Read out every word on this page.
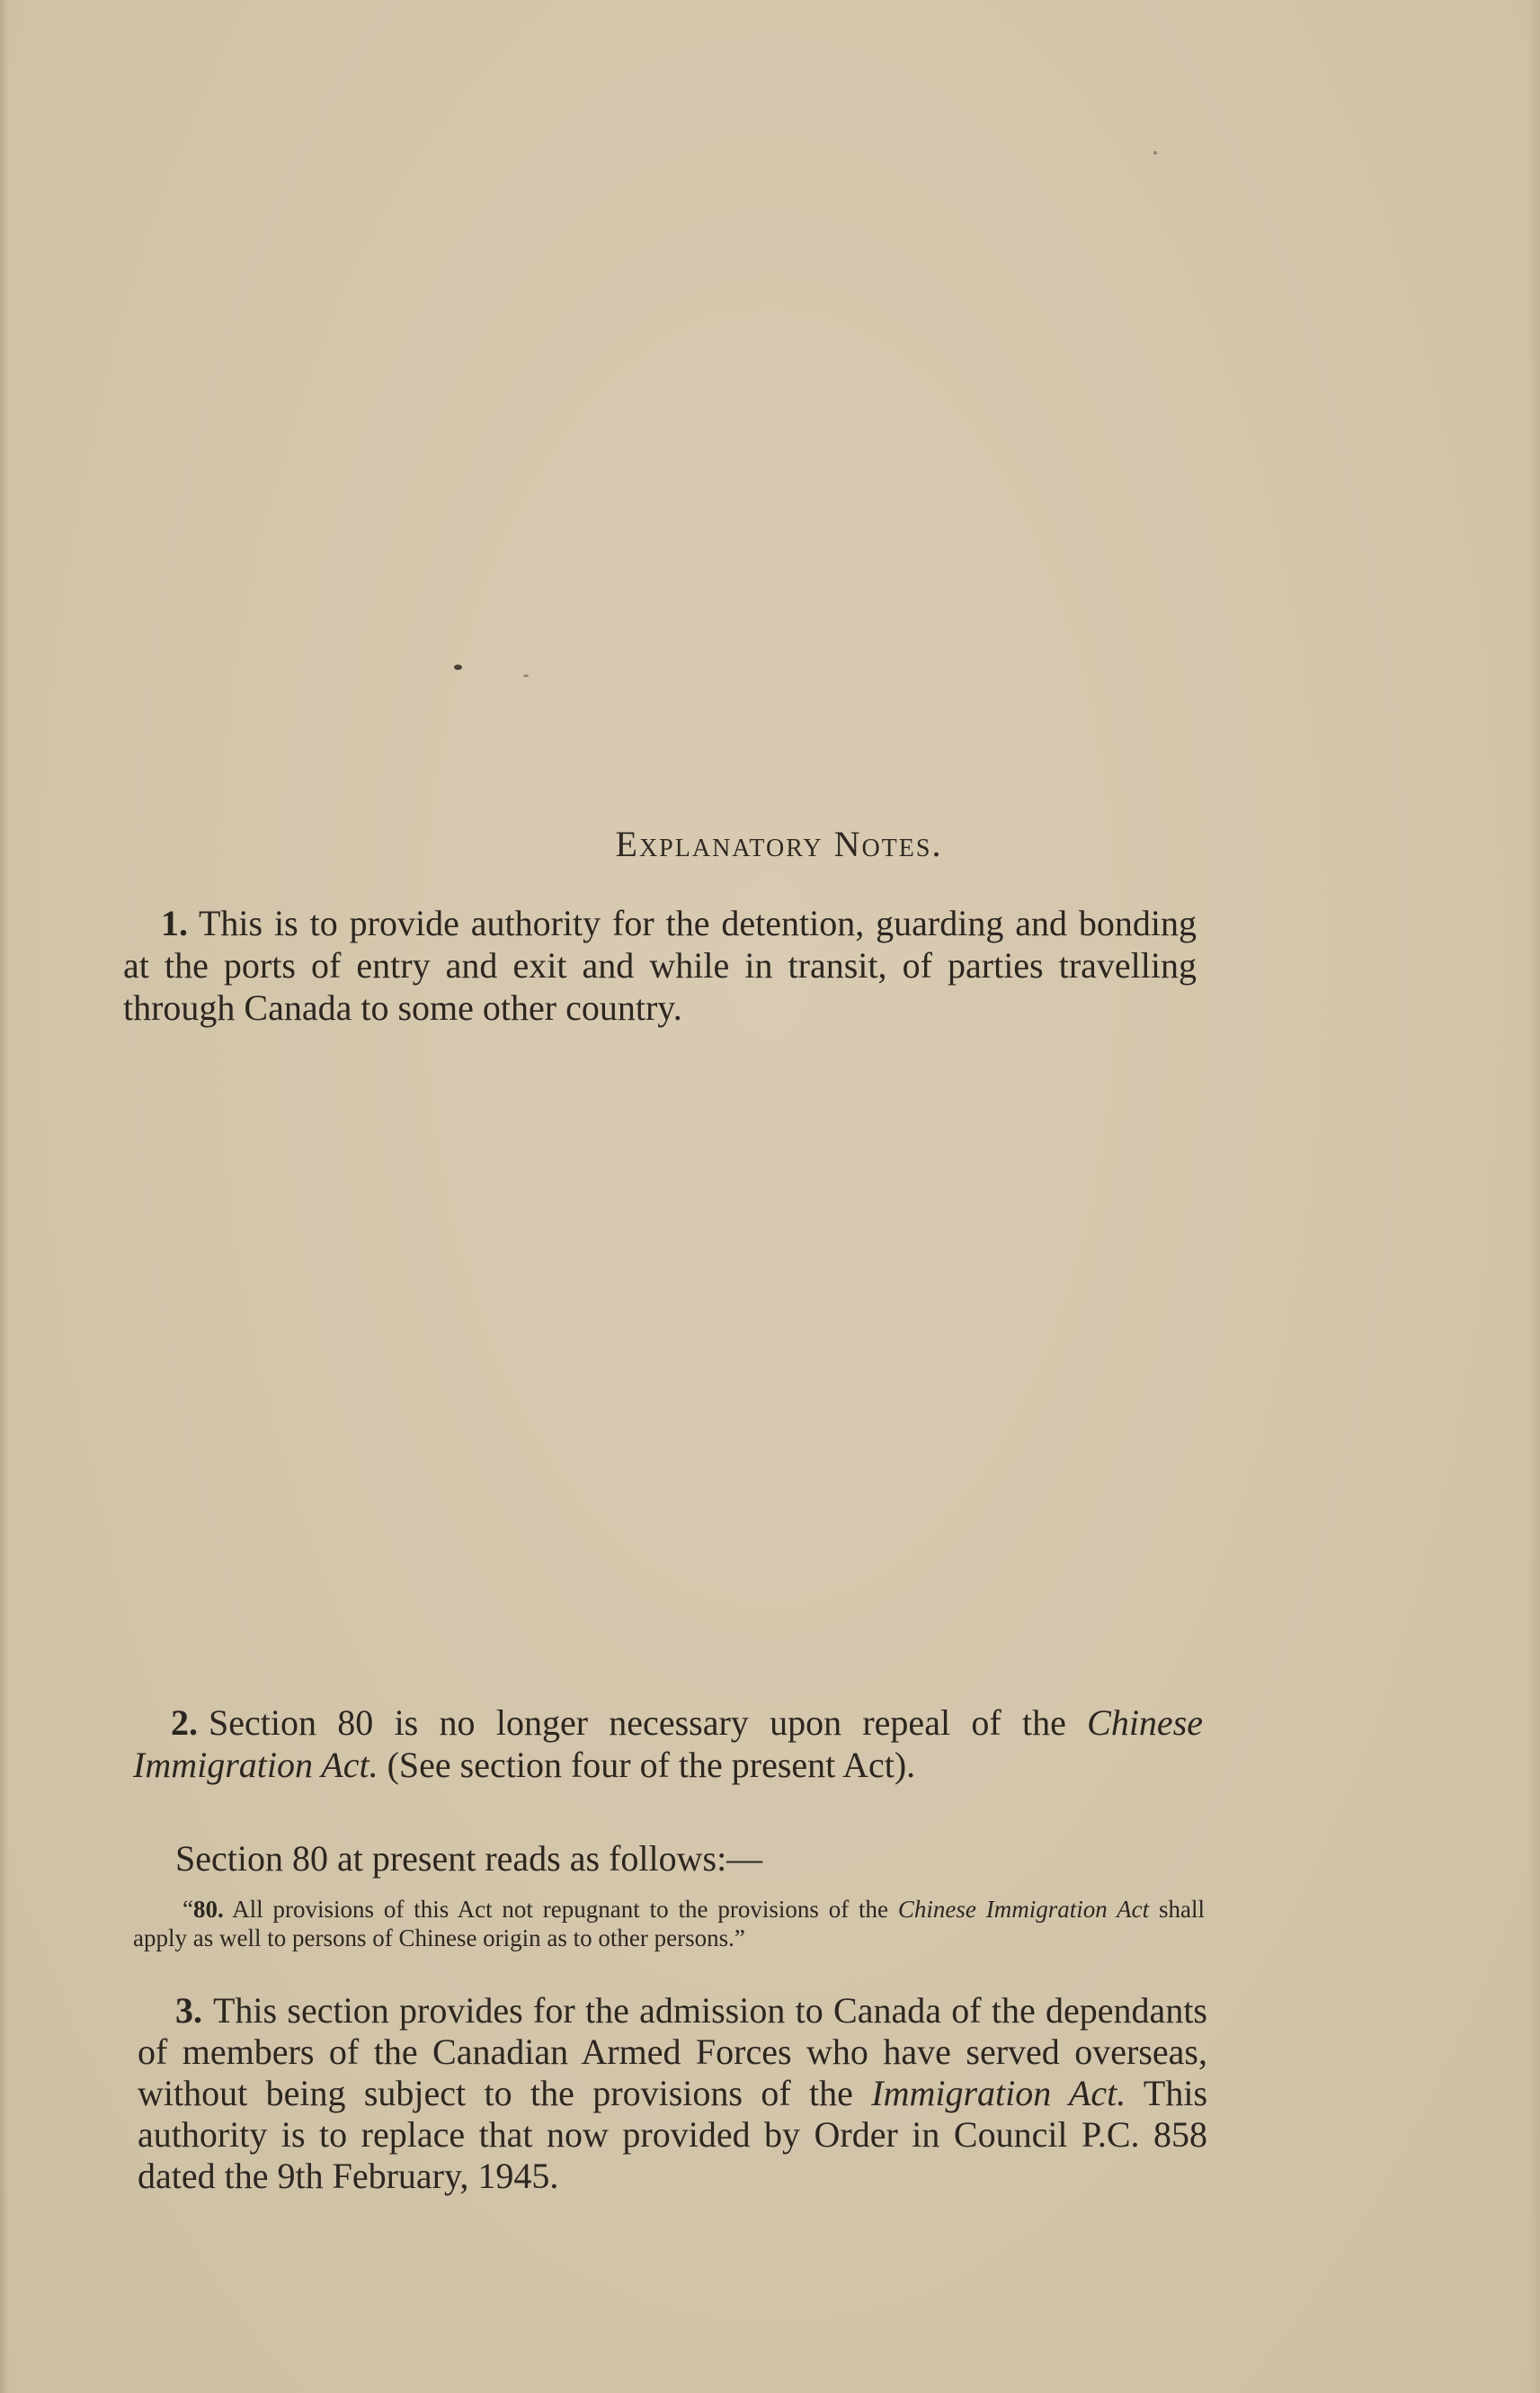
Explanatory Notes.

1. This is to provide authority for the detention, guarding and bonding at the ports of entry and exit and while in transit, of parties travelling through Canada to some other country.

2. Section 80 is no longer necessary upon repeal of the Chinese Immigration Act. (See section four of the present Act).

Section 80 at present reads as follows:—

“80. All provisions of this Act not repugnant to the provisions of the Chinese Immigration Act shall apply as well to persons of Chinese origin as to other persons.”

3. This section provides for the admission to Canada of the dependants of members of the Canadian Armed Forces who have served overseas, without being subject to the provisions of the Immigration Act. This authority is to replace that now provided by Order in Council P.C. 858 dated the 9th February, 1945.
